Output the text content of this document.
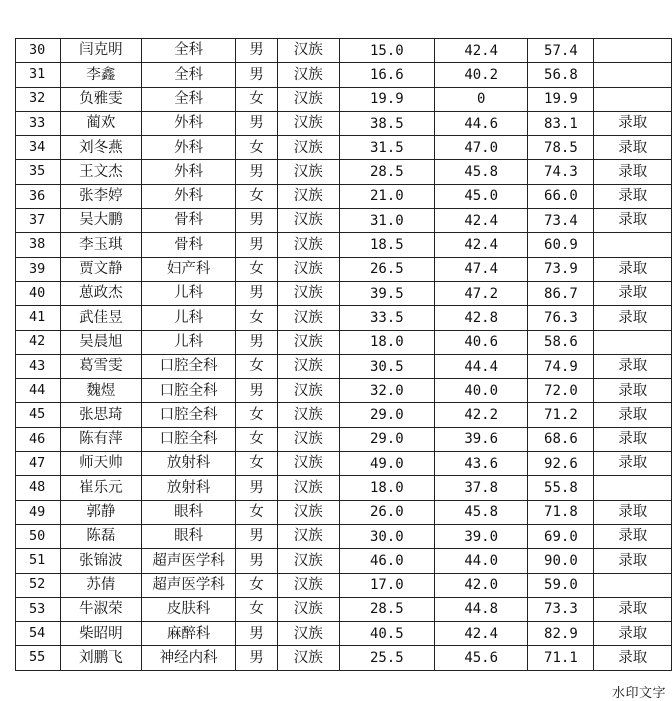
30	闫克明	全科	男	汉族	15.0	42.4	57.4	
31	李鑫	全科	男	汉族	16.6	40.2	56.8	
32	负雅雯	全科	女	汉族	19.9	0	19.9	
33	蔺欢	外科	男	汉族	38.5	44.6	83.1	录取
34	刘冬燕	外科	女	汉族	31.5	47.0	78.5	录取
35	王文杰	外科	男	汉族	28.5	45.8	74.3	录取
36	张李婷	外科	女	汉族	21.0	45.0	66.0	录取
37	吴大鹏	骨科	男	汉族	31.0	42.4	73.4	录取
38	李玉琪	骨科	男	汉族	18.5	42.4	60.9	
39	贾文静	妇产科	女	汉族	26.5	47.4	73.9	录取
40	葸政杰	儿科	男	汉族	39.5	47.2	86.7	录取
41	武佳昱	儿科	女	汉族	33.5	42.8	76.3	录取
42	吴晨旭	儿科	男	汉族	18.0	40.6	58.6	
43	葛雪雯	口腔全科	女	汉族	30.5	44.4	74.9	录取
44	魏煜	口腔全科	男	汉族	32.0	40.0	72.0	录取
45	张思琦	口腔全科	女	汉族	29.0	42.2	71.2	录取
46	陈有萍	口腔全科	女	汉族	29.0	39.6	68.6	录取
47	师天帅	放射科	女	汉族	49.0	43.6	92.6	录取
48	崔乐元	放射科	男	汉族	18.0	37.8	55.8	
49	郭静	眼科	女	汉族	26.0	45.8	71.8	录取
50	陈磊	眼科	男	汉族	30.0	39.0	69.0	录取
51	张锦波	超声医学科	男	汉族	46.0	44.0	90.0	录取
52	苏倩	超声医学科	女	汉族	17.0	42.0	59.0	
53	牛淑荣	皮肤科	女	汉族	28.5	44.8	73.3	录取
54	柴昭明	麻醉科	男	汉族	40.5	42.4	82.9	录取
55	刘鹏飞	神经内科	男	汉族	25.5	45.6	71.1	录取
水印文字
